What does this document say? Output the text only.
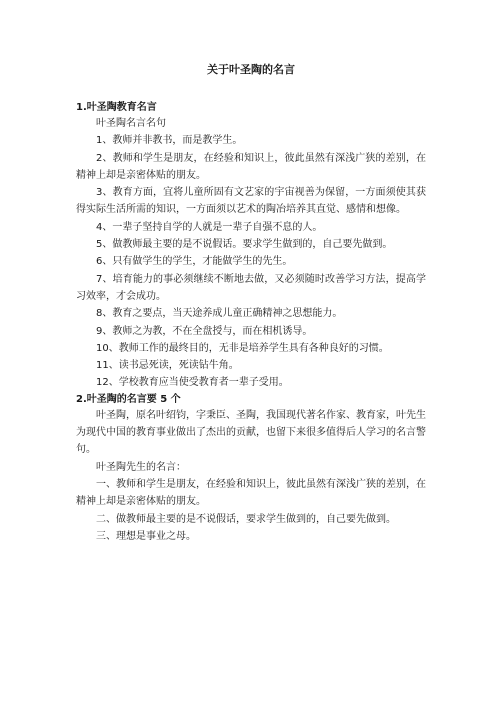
关于叶圣陶的名言

1.叶圣陶教育名言

叶圣陶名言名句

1、教师并非教书，而是教学生。

2、教师和学生是朋友，在经验和知识上，彼此虽然有深浅广狭的差别，在精神上却是亲密体贴的朋友。

3、教育方面，宜将儿童所固有文艺家的宇宙视善为保留，一方面须使其获得实际生活所需的知识，一方面须以艺术的陶冶培养其直觉、感情和想像。

4、一辈子坚持自学的人就是一辈子自强不息的人。

5、做教师最主要的是不说假话。要求学生做到的，自己要先做到。

6、只有做学生的学生，才能做学生的先生。

7、培育能力的事必须继续不断地去做，又必须随时改善学习方法，提高学习效率，才会成功。

8、教育之要点，当天途养成儿童正确精神之思想能力。

9、教师之为教，不在全盘授与，而在相机诱导。

10、教师工作的最终目的，无非是培养学生具有各种良好的习惯。

11、读书忌死读，死读钻牛角。

12、学校教育应当使受教育者一辈子受用。

2.叶圣陶的名言要 5 个

叶圣陶，原名叶绍钧，字秉臣、圣陶，我国现代著名作家、教育家，叶先生为现代中国的教育事业做出了杰出的贡献，也留下来很多值得后人学习的名言警句。

叶圣陶先生的名言：

一、教师和学生是朋友，在经验和知识上，彼此虽然有深浅广狭的差别，在精神上却是亲密体贴的朋友。

二、做教师最主要的是不说假话，要求学生做到的，自己要先做到。

三、理想是事业之母。
